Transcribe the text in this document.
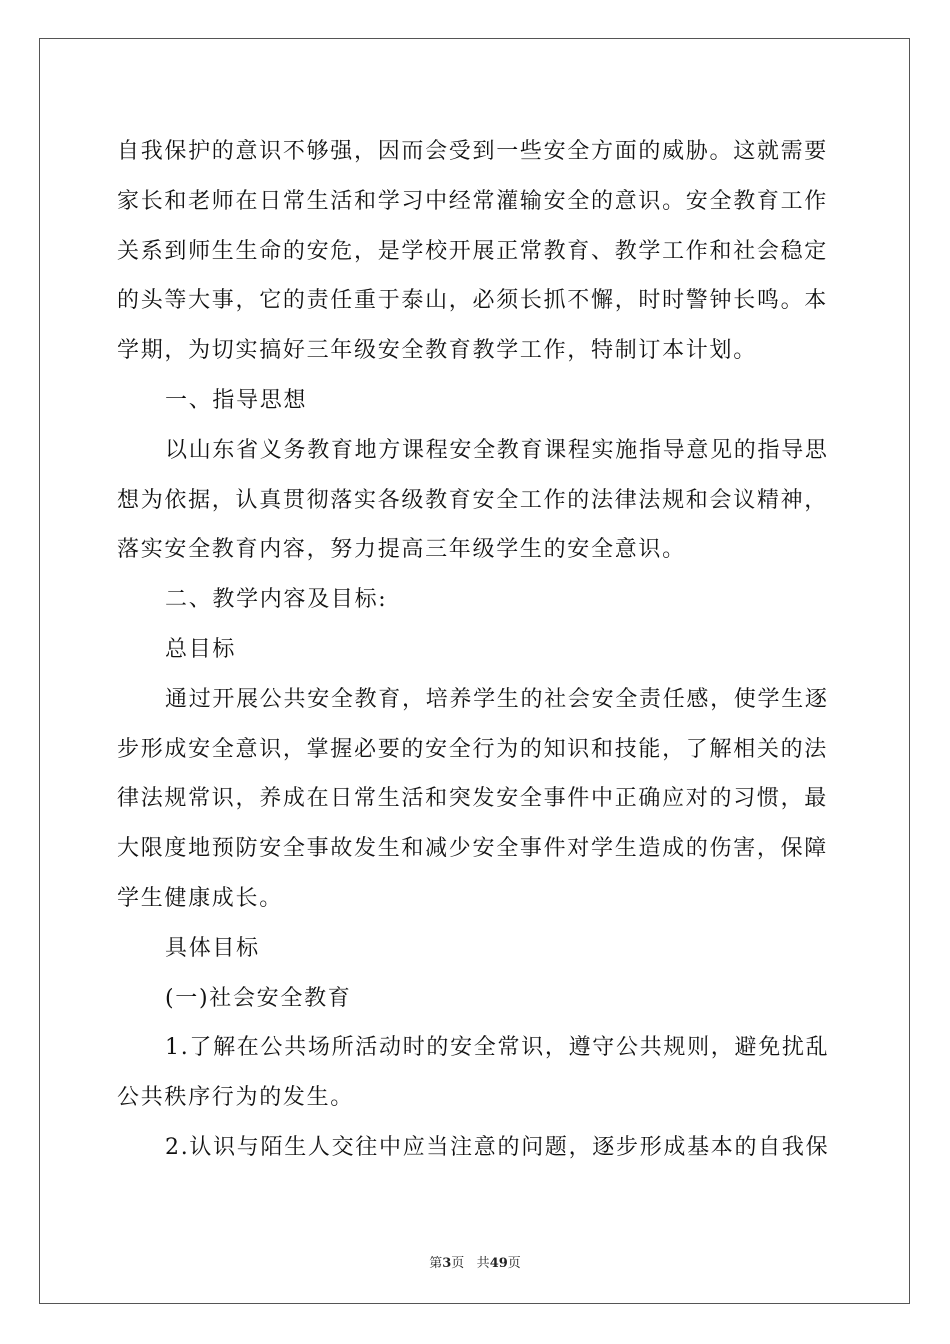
自我保护的意识不够强，因而会受到一些安全方面的威胁。这就需要家长和老师在日常生活和学习中经常灌输安全的意识。安全教育工作关系到师生生命的安危，是学校开展正常教育、教学工作和社会稳定的头等大事，它的责任重于泰山，必须长抓不懈，时时警钟长鸣。本学期，为切实搞好三年级安全教育教学工作，特制订本计划。

一、指导思想

以山东省义务教育地方课程安全教育课程实施指导意见的指导思想为依据，认真贯彻落实各级教育安全工作的法律法规和会议精神，落实安全教育内容，努力提高三年级学生的安全意识。

二、教学内容及目标:

总目标

通过开展公共安全教育，培养学生的社会安全责任感，使学生逐步形成安全意识，掌握必要的安全行为的知识和技能，了解相关的法律法规常识，养成在日常生活和突发安全事件中正确应对的习惯，最大限度地预防安全事故发生和减少安全事件对学生造成的伤害，保障学生健康成长。

具体目标

(一)社会安全教育

1.了解在公共场所活动时的安全常识，遵守公共规则，避免扰乱公共秩序行为的发生。

2.认识与陌生人交往中应当注意的问题，逐步形成基本的自我保

第3页 共49页
